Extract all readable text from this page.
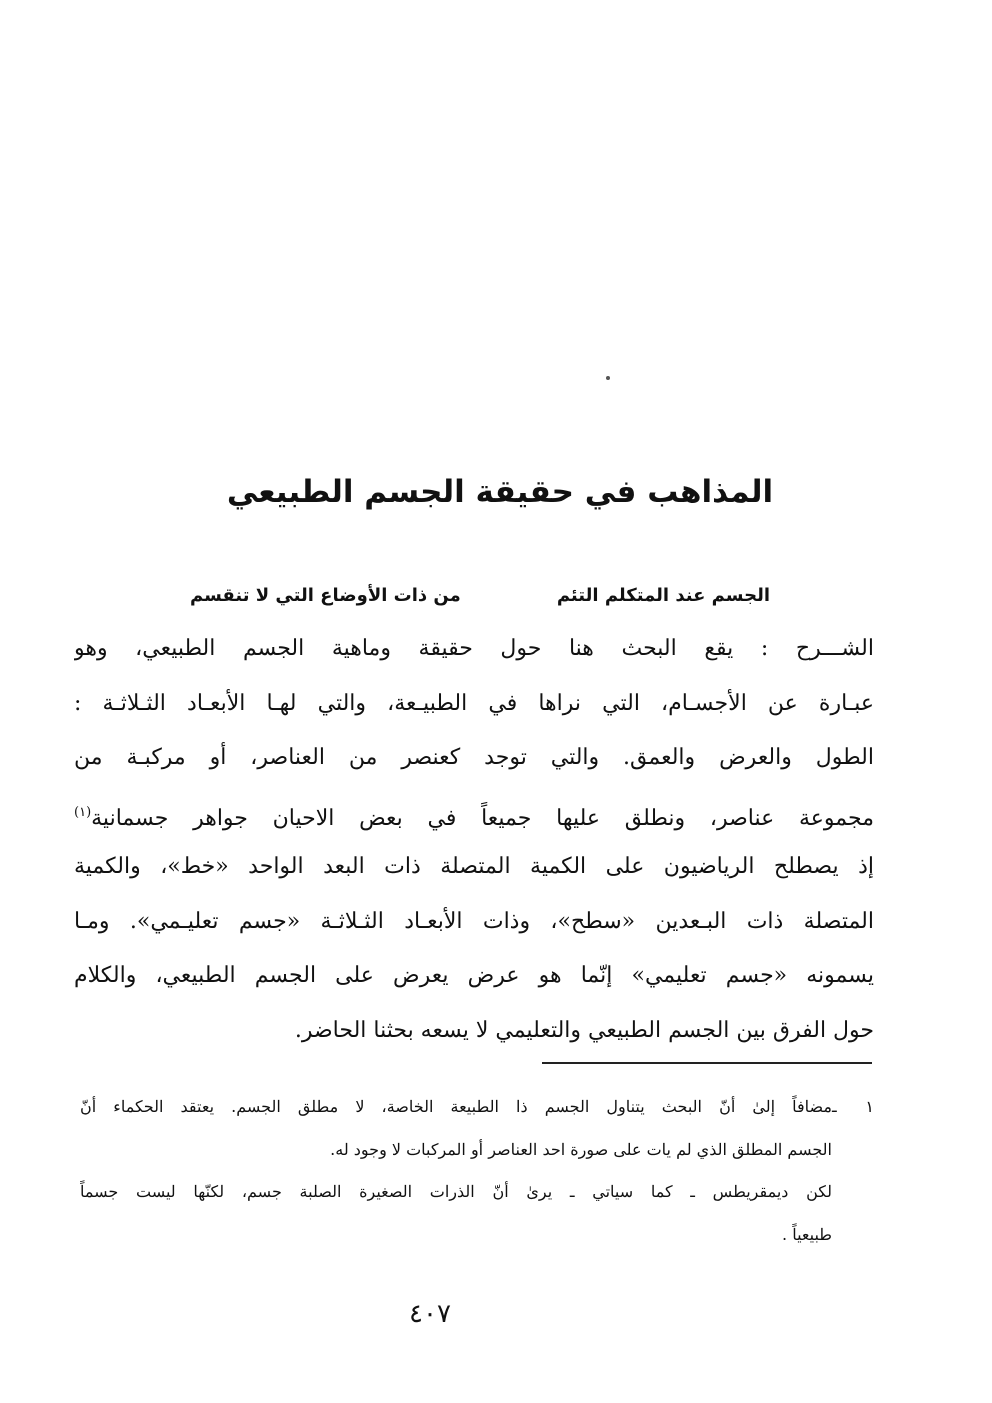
المذاهب في حقيقة الجسم الطبيعي
الجسم عند المتكلم التئم
من ذات الأوضاع التي لا تنقسم
الشـــرح : يقع البحث هنا حول حقيقة وماهية الجسم الطبيعي، وهو
عبـارة عن الأجسـام، التي نراها في الطبيـعة، والتي لهـا الأبعـاد الثـلاثـة :
الطول والعرض والعمق. والتي توجد كعنصر من العناصر، أو مركبـة من
مجموعة عناصر، ونطلق عليها جميعاً في بعض الاحيان جواهر جسمانية$^{(١)}$
إذ يصطلح الرياضيون على الكمية المتصلة ذات البعد الواحد «خط»، والكمية
المتصلة ذات البـعدين «سطح»، وذات الأبعـاد الثـلاثـة «جسم تعليـمي». ومـا
يسمونه «جسم تعليمي» إنّما هو عرض يعرض على الجسم الطبيعي، والكلام
حول الفرق بين الجسم الطبيعي والتعليمي لا يسعه بحثنا الحاضر.
١ ـمضافاً إلىٰ أنّ البحث يتناول الجسم ذا الطبيعة الخاصة، لا مطلق الجسم. يعتقد الحكماء أنّ
الجسم المطلق الذي لم يات على صورة احد العناصر أو المركبات لا وجود له.
لكن ديمقريطس ـ كما سياتي ـ يرىٰ أنّ الذرات الصغيرة الصلبة جسم، لكنّها ليست جسماً
طبيعياً .
٤٠٧
